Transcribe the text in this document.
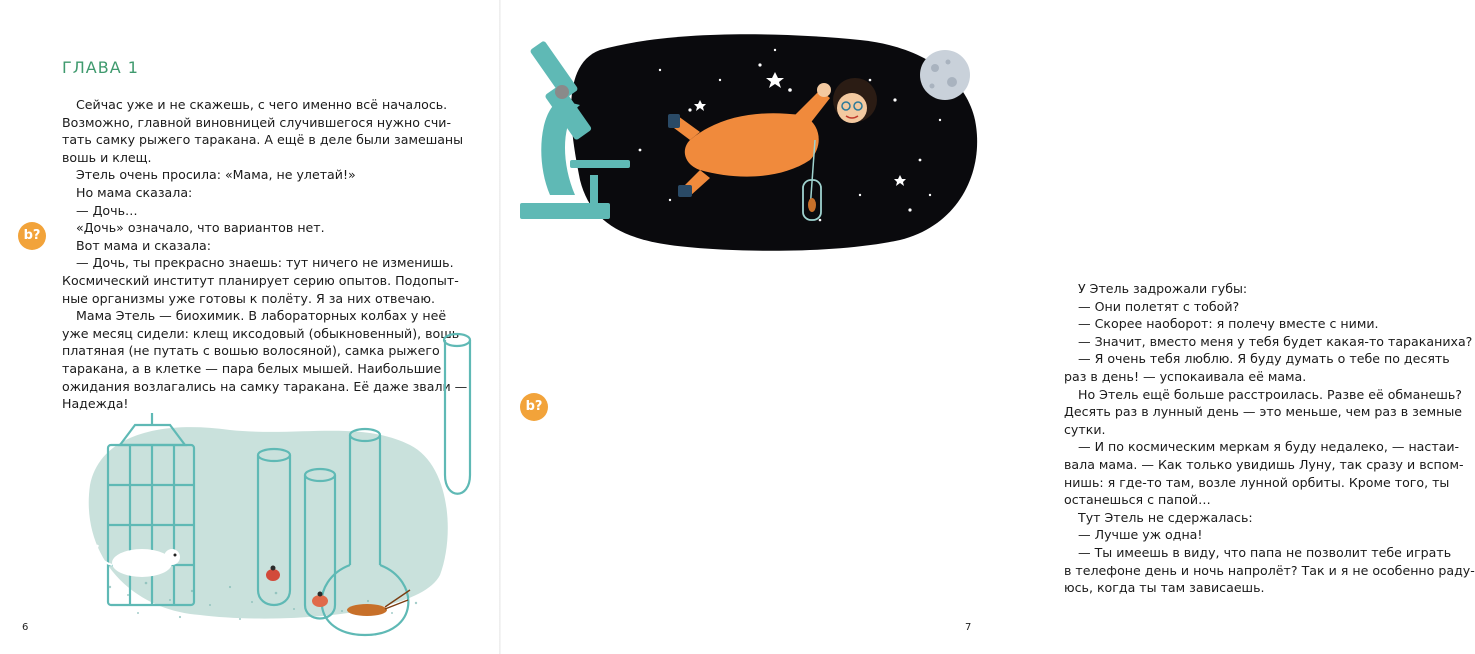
ГЛАВА 1

Сейчас уже и не скажешь, с чего именно всё началось.

Возможно, главной виновницей случившегося нужно счи-

тать самку рыжего таракана. А ещё в деле были замешаны

вошь и клещ.

Этель очень просила: «Мама, не улетай!»

Но мама сказала:

— Дочь…

«Дочь» означало, что вариантов нет.

Вот мама и сказала:

— Дочь, ты прекрасно знаешь: тут ничего не изменишь.

Космический институт планирует серию опытов. Подопыт-

ные организмы уже готовы к полёту. Я за них отвечаю.

Мама Этель — биохимик. В лабораторных колбах у неё

уже месяц сидели: клещ иксодовый (обыкновенный), вошь

платяная (не путать с вошью волосяной), самка рыжего

таракана, а в клетке — пара белых мышей. Наибольшие

ожидания возлагались на самку таракана. Её даже звали —

Надежда!

b?
6

У Этель задрожали губы:

— Они полетят с тобой?

— Скорее наоборот: я полечу вместе с ними.

— Значит, вместо меня у тебя будет какая-то тараканиха?

— Я очень тебя люблю. Я буду думать о тебе по десять

раз в день! — успокаивала её мама.

Но Этель ещё больше расстроилась. Разве её обманешь?

Десять раз в лунный день — это меньше, чем раз в земные

сутки.

— И по космическим меркам я буду недалеко, — настаи-

вала мама. — Как только увидишь Луну, так сразу и вспом-

нишь: я где-то там, возле лунной орбиты. Кроме того, ты

останешься с папой…

Тут Этель не сдержалась:

— Лучше уж одна!

— Ты имеешь в виду, что папа не позволит тебе играть

в телефоне день и ночь напролёт? Так и я не особенно раду-

юсь, когда ты там зависаешь.

b?
7
